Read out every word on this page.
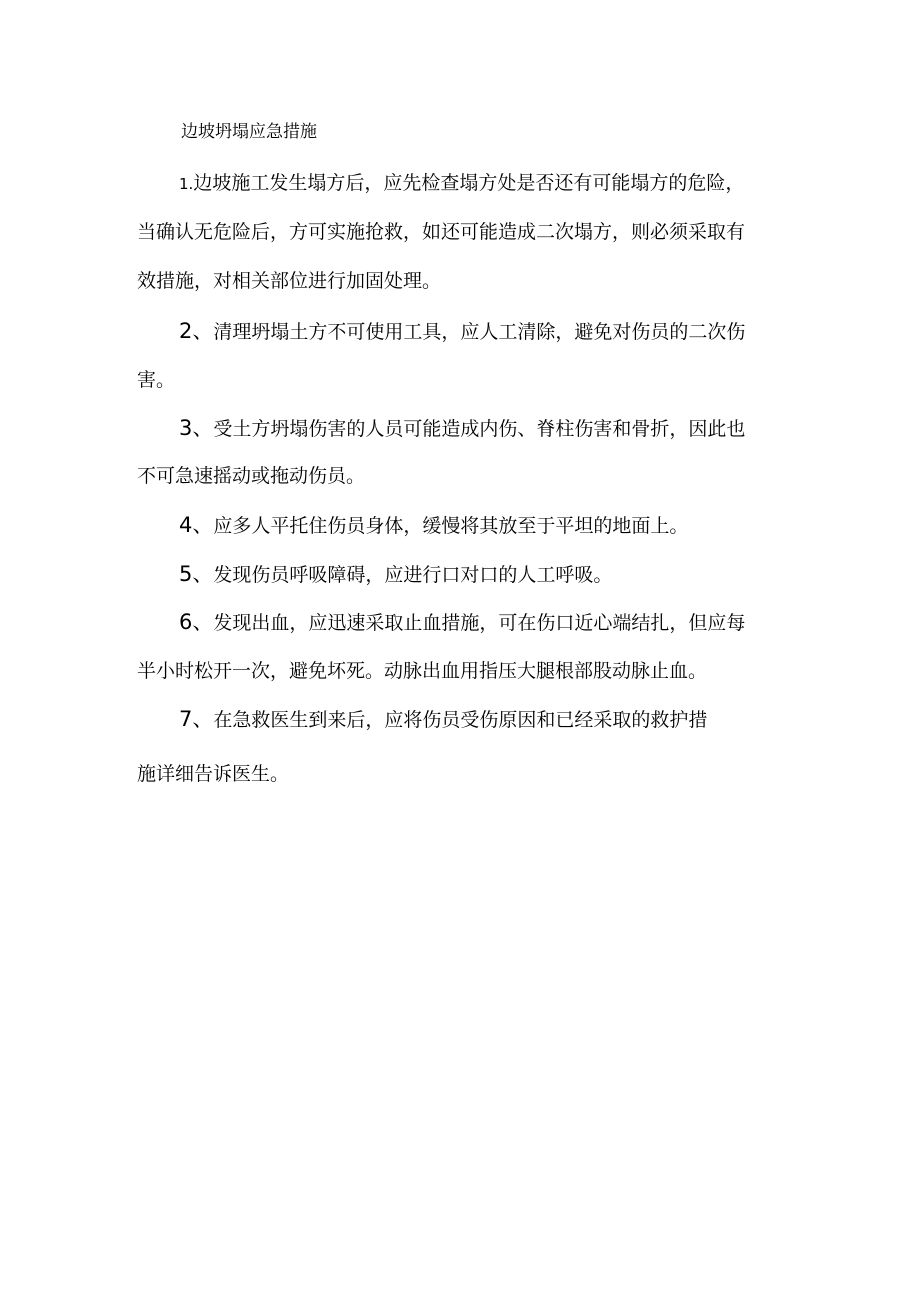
边坡坍塌应急措施
1.边坡施工发生塌方后，应先检查塌方处是否还有可能塌方的危险，
当确认无危险后，方可实施抢救，如还可能造成二次塌方，则必须采取有
效措施，对相关部位进行加固处理。
2、清理坍塌土方不可使用工具，应人工清除，避免对伤员的二次伤
害。
3、受土方坍塌伤害的人员可能造成内伤、脊柱伤害和骨折，因此也
不可急速摇动或拖动伤员。
4、应多人平托住伤员身体，缓慢将其放至于平坦的地面上。
5、发现伤员呼吸障碍，应进行口对口的人工呼吸。
6、发现出血，应迅速采取止血措施，可在伤口近心端结扎，但应每
半小时松开一次，避免坏死。动脉出血用指压大腿根部股动脉止血。
7、在急救医生到来后，应将伤员受伤原因和已经采取的救护措
施详细告诉医生。
